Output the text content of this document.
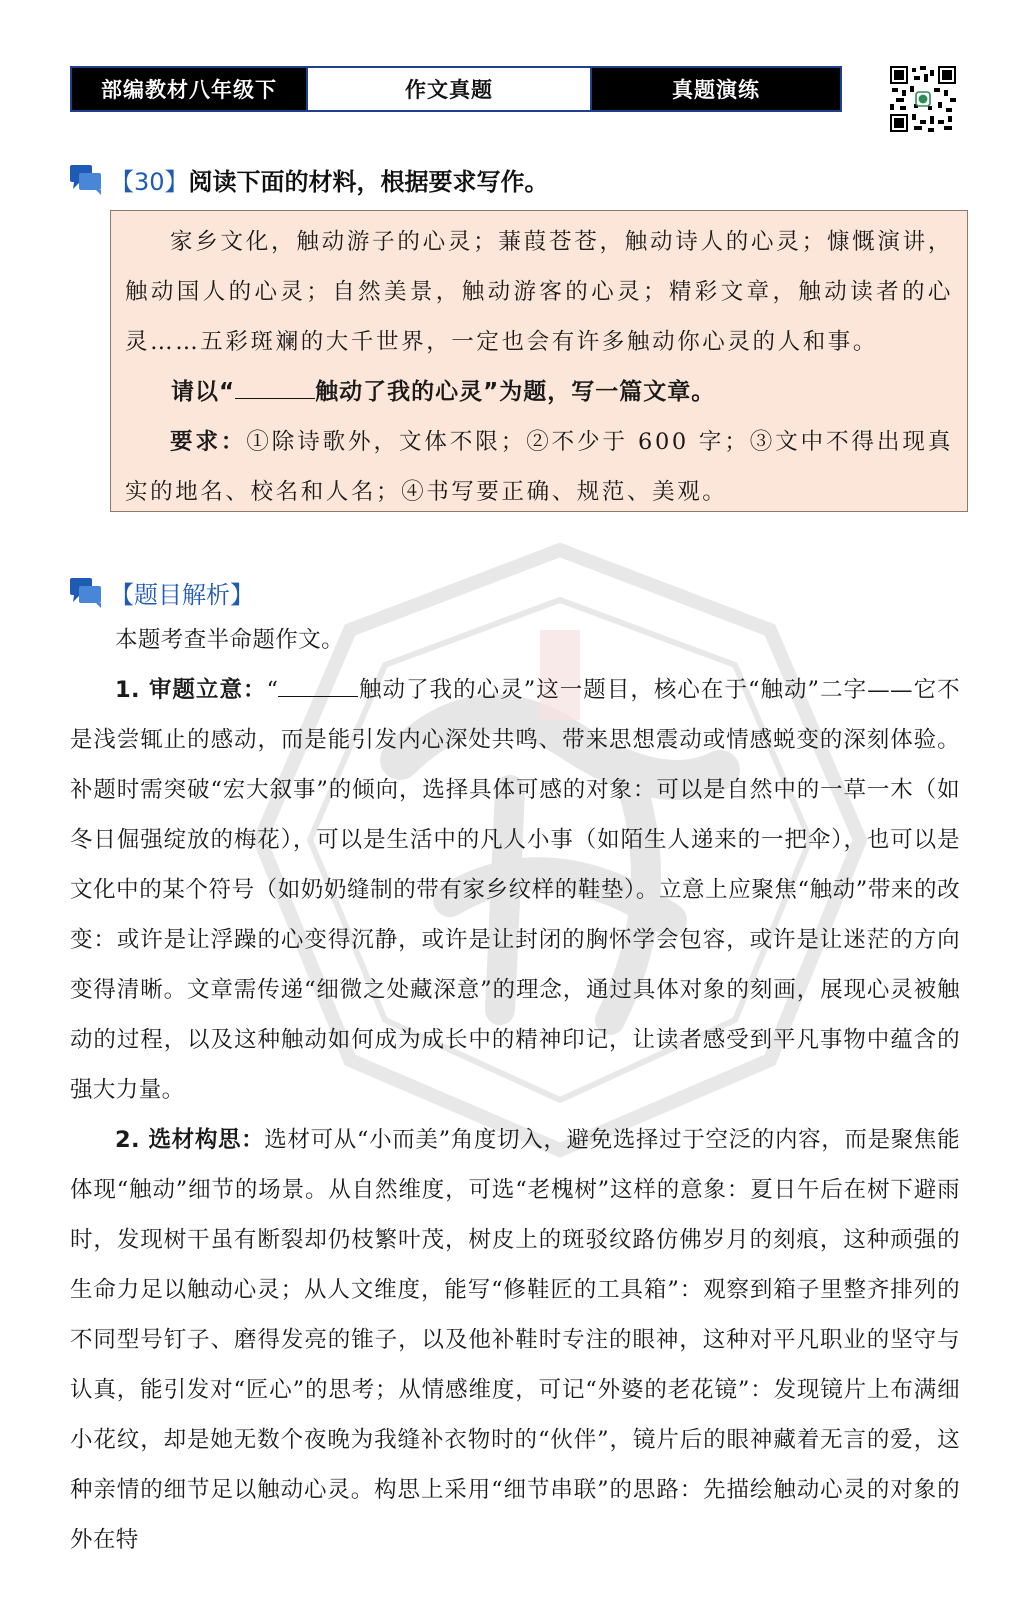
部编教材八年级下	作文真题	真题演练
【30】 阅读下面的材料，根据要求写作。

家乡文化，触动游子的心灵；蒹葭苍苍，触动诗人的心灵；慷慨演讲，触动国人的心灵；自然美景，触动游客的心灵；精彩文章，触动读者的心灵……五彩斑斓的大千世界，一定也会有许多触动你心灵的人和事。

请以“	触动了我的心灵”为题，写一篇文章。

要求：①除诗歌外，文体不限；②不少于 600 字；③文中不得出现真实的地名、校名和人名；④书写要正确、规范、美观。

【题目解析】

本题考查半命题作文。

1. 审题立意：“	触动了我的心灵”这一题目，核心在于“触动”二字——它不是浅尝辄止的感动，而是能引发内心深处共鸣、带来思想震动或情感蜕变的深刻体验。补题时需突破“宏大叙事”的倾向，选择具体可感的对象：可以是自然中的一草一木（如冬日倔强绽放的梅花），可以是生活中的凡人小事（如陌生人递来的一把伞），也可以是文化中的某个符号（如奶奶缝制的带有家乡纹样的鞋垫）。立意上应聚焦“触动”带来的改变：或许是让浮躁的心变得沉静，或许是让封闭的胸怀学会包容，或许是让迷茫的方向变得清晰。文章需传递“细微之处藏深意”的理念，通过具体对象的刻画，展现心灵被触动的过程，以及这种触动如何成为成长中的精神印记，让读者感受到平凡事物中蕴含的强大力量。

2. 选材构思：选材可从“小而美”角度切入，避免选择过于空泛的内容，而是聚焦能体现“触动”细节的场景。从自然维度，可选“老槐树”这样的意象：夏日午后在树下避雨时，发现树干虽有断裂却仍枝繁叶茂，树皮上的斑驳纹路仿佛岁月的刻痕，这种顽强的生命力足以触动心灵；从人文维度，能写“修鞋匠的工具箱”：观察到箱子里整齐排列的不同型号钉子、磨得发亮的锥子，以及他补鞋时专注的眼神，这种对平凡职业的坚守与认真，能引发对“匠心”的思考；从情感维度，可记“外婆的老花镜”：发现镜片上布满细小花纹，却是她无数个夜晚为我缝补衣物时的“伙伴”，镜片后的眼神藏着无言的爱，这种亲情的细节足以触动心灵。构思上采用“细节串联”的思路：先描绘触动心灵的对象的外在特
